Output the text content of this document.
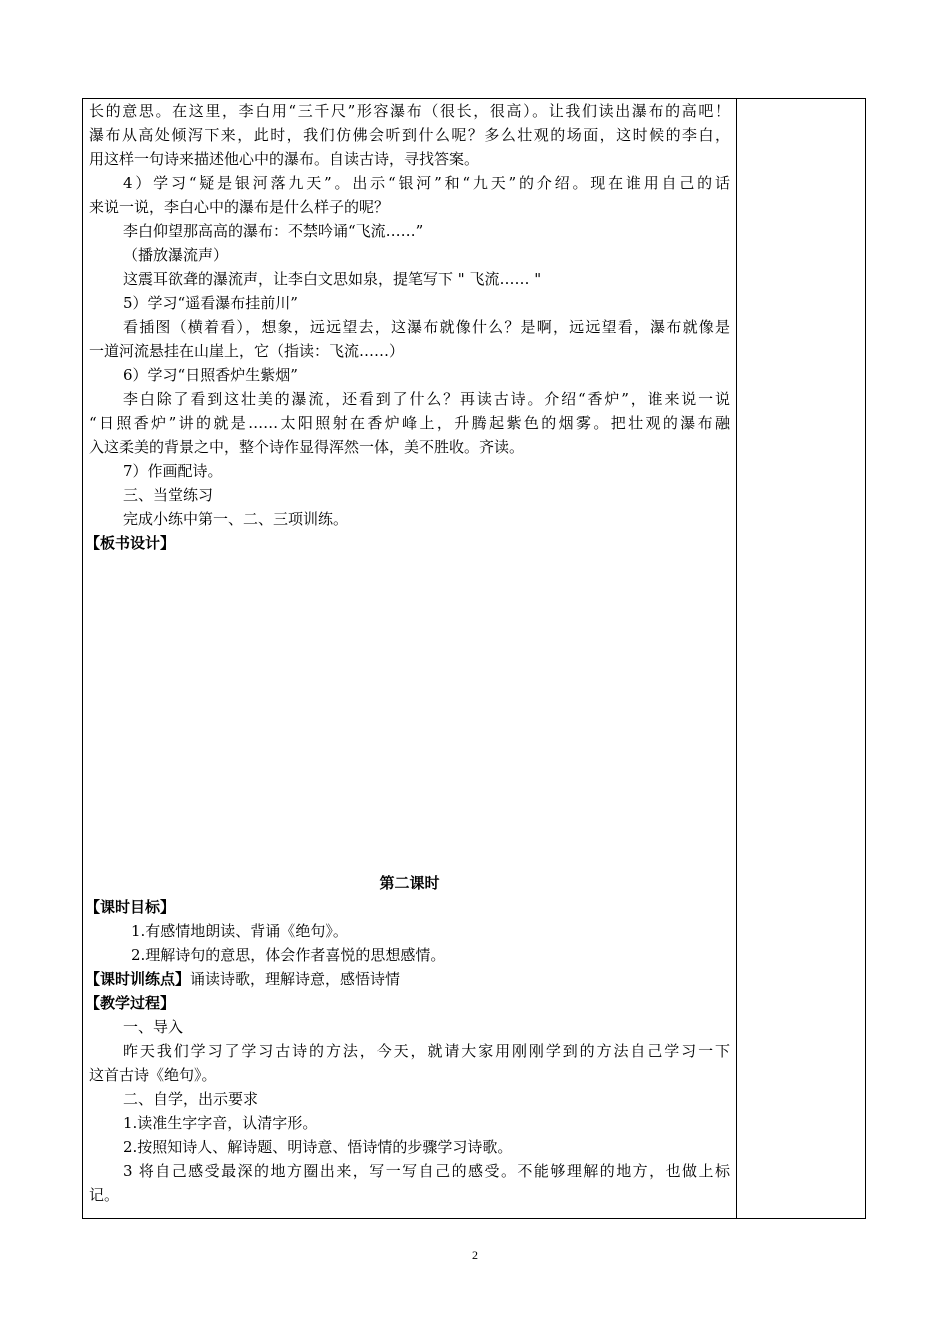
长的意思。在这里，李白用“三千尺”形容瀑布（很长，很高）。让我们读出瀑布的高吧！
瀑布从高处倾泻下来，此时，我们仿佛会听到什么呢？多么壮观的场面，这时候的李白，
用这样一句诗来描述他心中的瀑布。自读古诗，寻找答案。
4）学习“疑是银河落九天”。出示“银河”和“九天”的介绍。现在谁用自己的话
来说一说，李白心中的瀑布是什么样子的呢？
李白仰望那高高的瀑布：不禁吟诵“飞流……”
（播放瀑流声）
这震耳欲聋的瀑流声，让李白文思如泉，提笔写下 " 飞流…… "
5）学习“遥看瀑布挂前川”
看插图（横着看），想象，远远望去，这瀑布就像什么？是啊，远远望看，瀑布就像是
一道河流悬挂在山崖上，它（指读：飞流……）
6）学习“日照香炉生紫烟”
李白除了看到这壮美的瀑流，还看到了什么？再读古诗。介绍“香炉”，谁来说一说
“日照香炉”讲的就是……太阳照射在香炉峰上，升腾起紫色的烟雾。把壮观的瀑布融
入这柔美的背景之中，整个诗作显得浑然一体，美不胜收。齐读。
7）作画配诗。
三、当堂练习
完成小练中第一、二、三项训练。
【板书设计】
第二课时
【课时目标】
1.有感情地朗读、背诵《绝句》。
2.理解诗句的意思，体会作者喜悦的思想感情。
【课时训练点】诵读诗歌，理解诗意，感悟诗情
【教学过程】
一、导入
昨天我们学习了学习古诗的方法，今天，就请大家用刚刚学到的方法自己学习一下
这首古诗《绝句》。
二、自学，出示要求
1.读准生字字音，认清字形。
2.按照知诗人、解诗题、明诗意、悟诗情的步骤学习诗歌。
3 将自己感受最深的地方圈出来，写一写自己的感受。不能够理解的地方，也做上标
记。
2
